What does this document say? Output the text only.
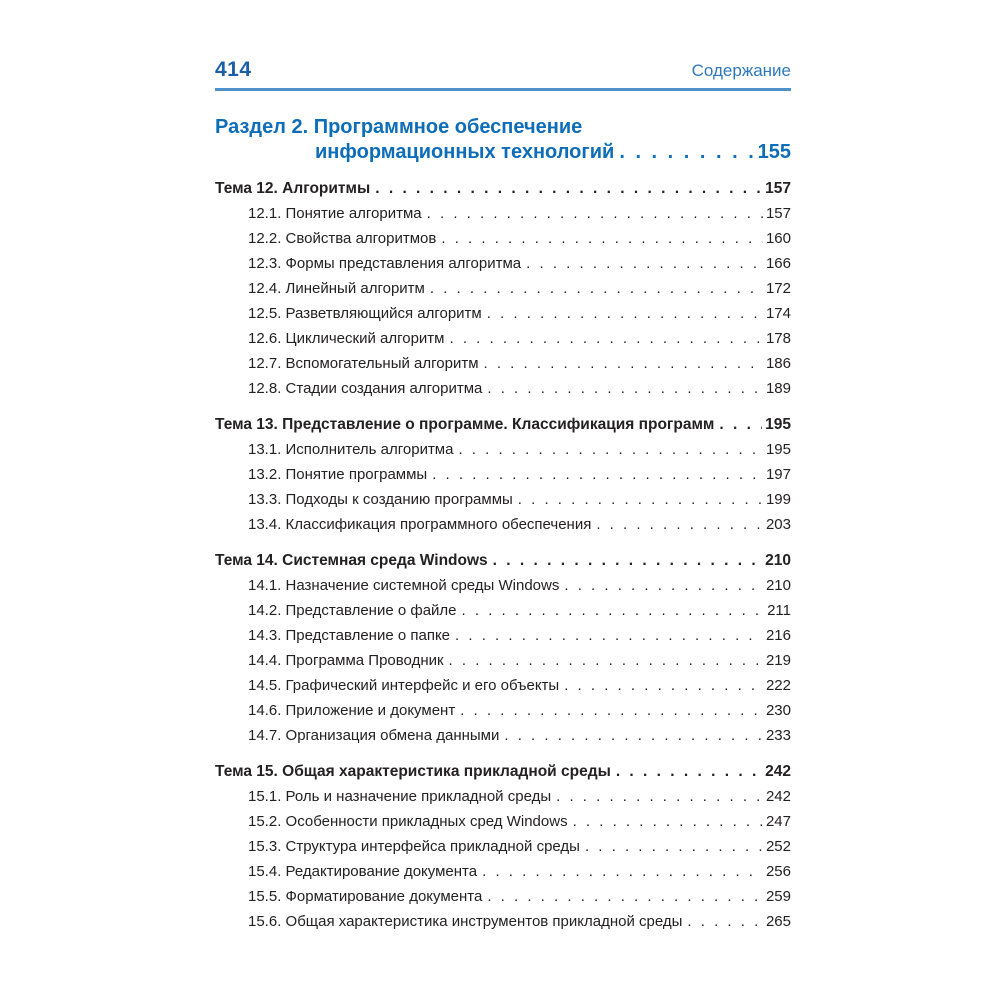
414	Содержание
Раздел 2. Программное обеспечение
информационных технологий . . .	155
Тема 12. Алгоритмы . . .	157
12.1. Понятие алгоритма . . .	157
12.2. Свойства алгоритмов . . .	160
12.3. Формы представления алгоритма . . .	166
12.4. Линейный алгоритм . . .	172
12.5. Разветвляющийся алгоритм . . .	174
12.6. Циклический алгоритм . . .	178
12.7. Вспомогательный алгоритм . . .	186
12.8. Стадии создания алгоритма . . .	189
Тема 13. Представление о программе. Классификация программ . . .	195
13.1. Исполнитель алгоритма . . .	195
13.2. Понятие программы . . .	197
13.3. Подходы к созданию программы . . .	199
13.4. Классификация программного обеспечения . . .	203
Тема 14. Системная среда Windows . . .	210
14.1. Назначение системной среды Windows . . .	210
14.2. Представление о файле . . .	211
14.3. Представление о папке . . .	216
14.4. Программа Проводник . . .	219
14.5. Графический интерфейс и его объекты . . .	222
14.6. Приложение и документ . . .	230
14.7. Организация обмена данными . . .	233
Тема 15. Общая характеристика прикладной среды . . .	242
15.1. Роль и назначение прикладной среды . . .	242
15.2. Особенности прикладных сред Windows . . .	247
15.3. Структура интерфейса прикладной среды . . .	252
15.4. Редактирование документа . . .	256
15.5. Форматирование документа . . .	259
15.6. Общая характеристика инструментов прикладной среды . . .	265
